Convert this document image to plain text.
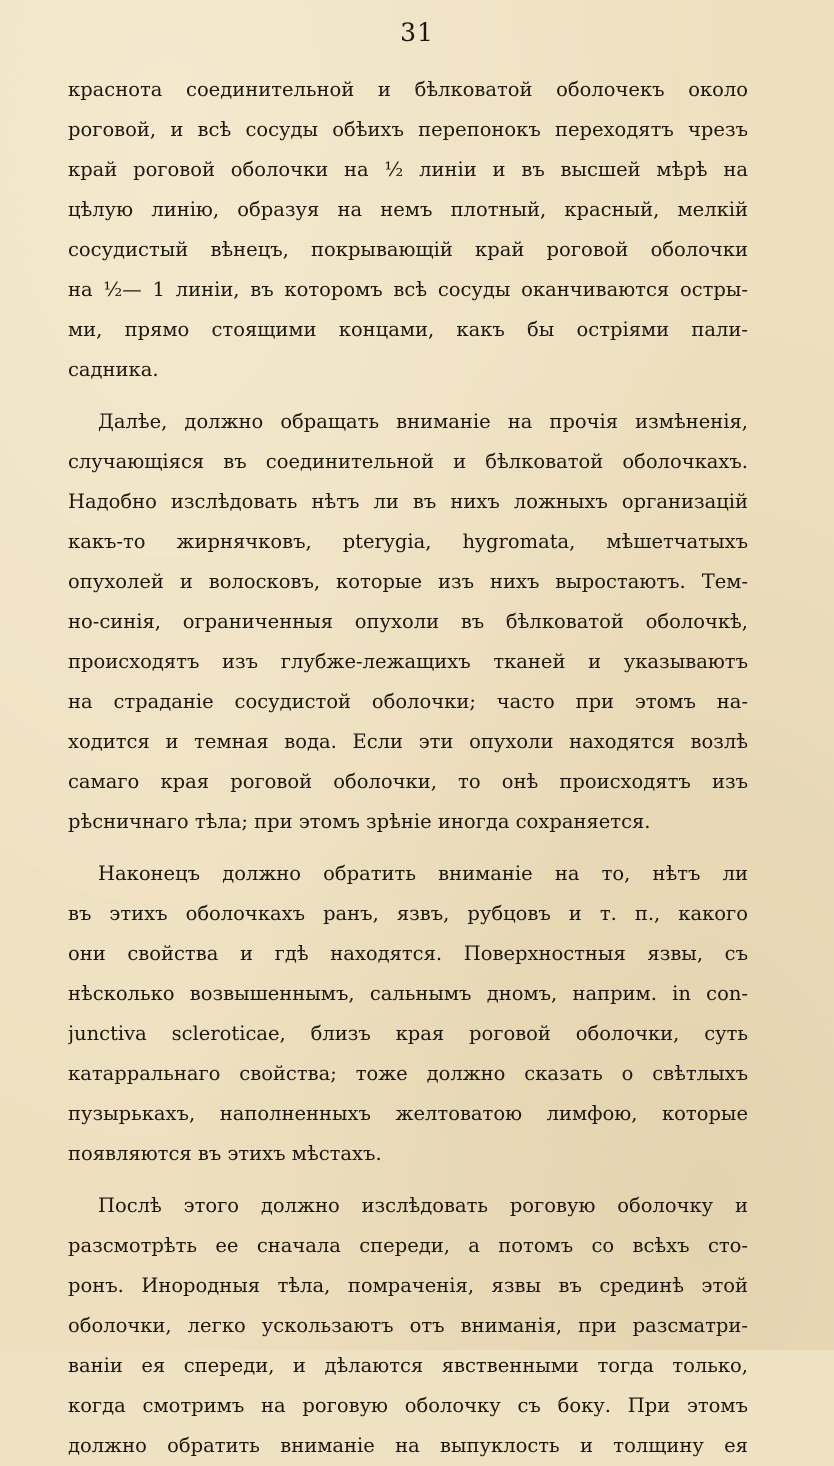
31
краснота соединительной и бѣлковатой оболочекъ около
роговой, и всѣ сосуды обѣихъ перепонокъ переходятъ чрезъ
край роговой оболочки на ½ линіи и въ высшей мѣрѣ на
цѣлую линію, образуя на немъ плотный, красный, мелкій
сосудистый вѣнецъ, покрывающій край роговой оболочки
на ½— 1 линіи, въ которомъ всѣ сосуды оканчиваются остры-
ми, прямо стоящими концами, какъ бы остріями пали-
садника.
Далѣе, должно обращать вниманіе на прочія измѣненія,
случающіяся въ соединительной и бѣлковатой оболочкахъ.
Надобно изслѣдовать нѣтъ ли въ нихъ ложныхъ организацій
какъ-то жирнячковъ, pterygia, hygromata, мѣшетчатыхъ
опухолей и волосковъ, которые изъ нихъ выростаютъ. Тем-
но-синія, ограниченныя опухоли въ бѣлковатой оболочкѣ,
происходятъ изъ глубже-лежащихъ тканей и указываютъ
на страданіе сосудистой оболочки; часто при этомъ на-
ходится и темная вода. Если эти опухоли находятся возлѣ
самаго края роговой оболочки, то онѣ происходятъ изъ
рѣсничнаго тѣла; при этомъ зрѣніе иногда сохраняется.
Наконецъ должно обратить вниманіе на то, нѣтъ ли
въ этихъ оболочкахъ ранъ, язвъ, рубцовъ и т. п., какого
они свойства и гдѣ находятся. Поверхностныя язвы, съ
нѣсколько возвышеннымъ, сальнымъ дномъ, наприм. in con-
junctiva scleroticae, близъ края роговой оболочки, суть
катарральнаго свойства; тоже должно сказать о свѣтлыхъ
пузырькахъ, наполненныхъ желтоватою лимфою, которые
появляются въ этихъ мѣстахъ.
Послѣ этого должно изслѣдовать роговую оболочку и
разсмотрѣть ее сначала спереди, а потомъ со всѣхъ сто-
ронъ. Инородныя тѣла, помраченія, язвы въ срединѣ этой
оболочки, легко ускользаютъ отъ вниманія, при разсматри-
ваніи ея спереди, и дѣлаются явственными тогда только,
когда смотримъ на роговую оболочку съ боку. При этомъ
должно обратить вниманіе на выпуклость и толщину ея
